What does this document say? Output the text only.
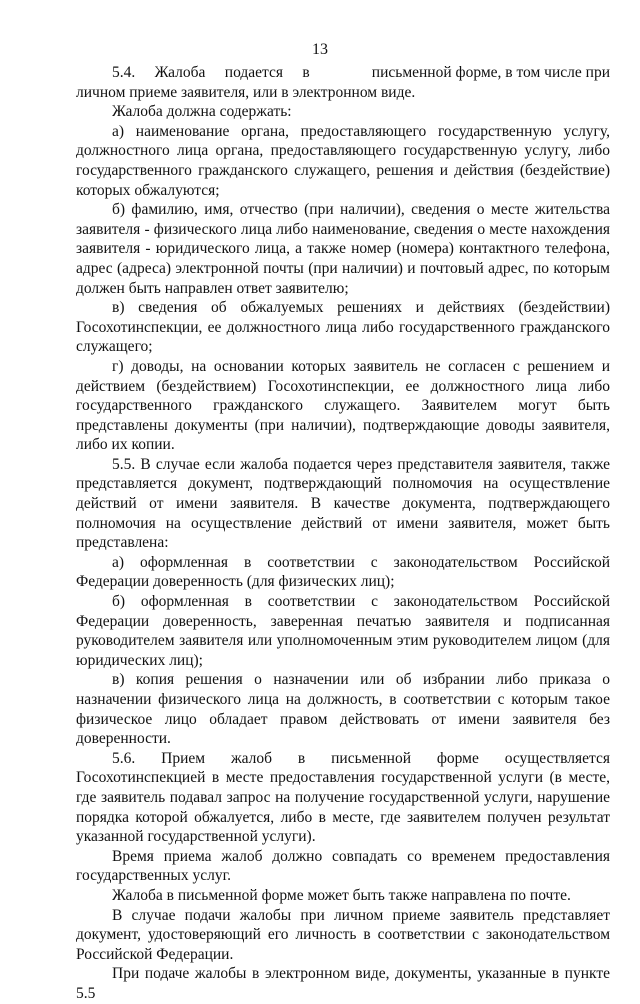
13

5.4.     Жалоба     подается     в                письменной форме, в том числе при личном приеме заявителя, или в электронном виде.

Жалоба должна содержать:

а) наименование органа, предоставляющего государственную услугу, должностного лица органа, предоставляющего государственную услугу, либо государственного гражданского служащего, решения и действия (бездействие) которых обжалуются;

б) фамилию, имя, отчество (при наличии), сведения о месте жительства заявителя - физического лица либо наименование, сведения о месте нахождения заявителя - юридического лица, а также номер (номера) контактного телефона, адрес (адреса) электронной почты (при наличии) и почтовый адрес, по которым должен быть направлен ответ заявителю;

в) сведения об обжалуемых решениях и действиях (бездействии) Госохотинспекции, ее должностного лица либо государственного гражданского служащего;

г) доводы, на основании которых заявитель не согласен с решением и действием (бездействием) Госохотинспекции, ее должностного лица либо государственного гражданского служащего. Заявителем могут быть представлены документы (при наличии), подтверждающие доводы заявителя, либо их копии.

5.5. В случае если жалоба подается через представителя заявителя, также представляется документ, подтверждающий полномочия на осуществление действий от имени заявителя. В качестве документа, подтверждающего полномочия на осуществление действий от имени заявителя, может быть представлена:

а) оформленная в соответствии с законодательством Российской Федерации доверенность (для физических лиц);

б) оформленная в соответствии с законодательством Российской Федерации доверенность, заверенная печатью заявителя и подписанная руководителем заявителя или уполномоченным этим руководителем лицом (для юридических лиц);

в) копия решения о назначении или об избрании либо приказа о назначении физического лица на должность, в соответствии с которым такое физическое лицо обладает правом действовать от имени заявителя без доверенности.

5.6. Прием жалоб в письменной форме осуществляется Госохотинспекцией в месте предоставления государственной услуги (в месте, где заявитель подавал запрос на получение государственной услуги, нарушение порядка которой обжалуется, либо в месте, где заявителем получен результат указанной государственной услуги).

Время приема жалоб должно совпадать со временем предоставления государственных услуг.

Жалоба в письменной форме может быть также направлена по почте.

В случае подачи жалобы при личном приеме заявитель представляет документ, удостоверяющий его личность в соответствии с законодательством Российской Федерации.

При подаче жалобы в электронном виде, документы, указанные в пункте 5.5
